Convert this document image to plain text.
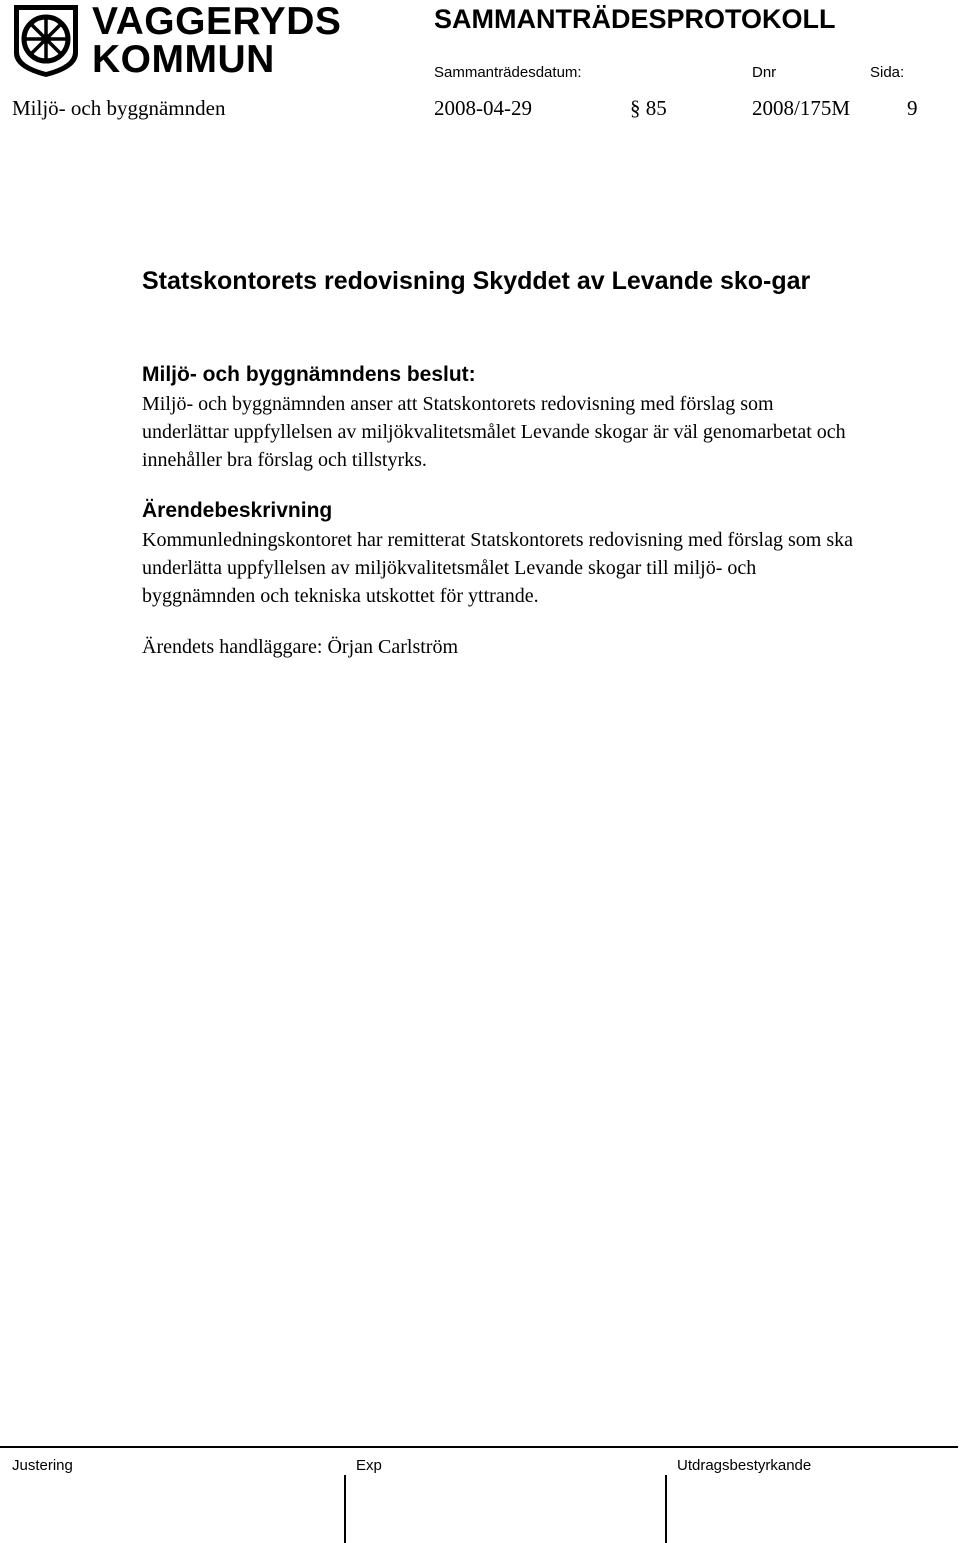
VAGGERYDS
KOMMUN
SAMMANTRÄDESPROTOKOLL
Sammanträdesdatum:	Dnr	Sida:
Miljö- och byggnämnden	2008-04-29	§ 85	2008/175M	9
Statskontorets redovisning Skyddet av Levande sko-gar
Miljö- och byggnämndens beslut:
Miljö- och byggnämnden anser att Statskontorets redovisning med förslag som underlättar uppfyllelsen av miljökvalitetsmålet Levande skogar är väl genomarbetat och innehåller bra förslag och tillstyrks.
Ärendebeskrivning
Kommunledningskontoret har remitterat Statskontorets redovisning med förslag som ska underlätta uppfyllelsen av miljökvalitetsmålet Levande skogar till miljö- och byggnämnden och tekniska utskottet för yttrande.
Ärendets handläggare: Örjan Carlström
Justering	Exp	Utdragsbestyrkande
